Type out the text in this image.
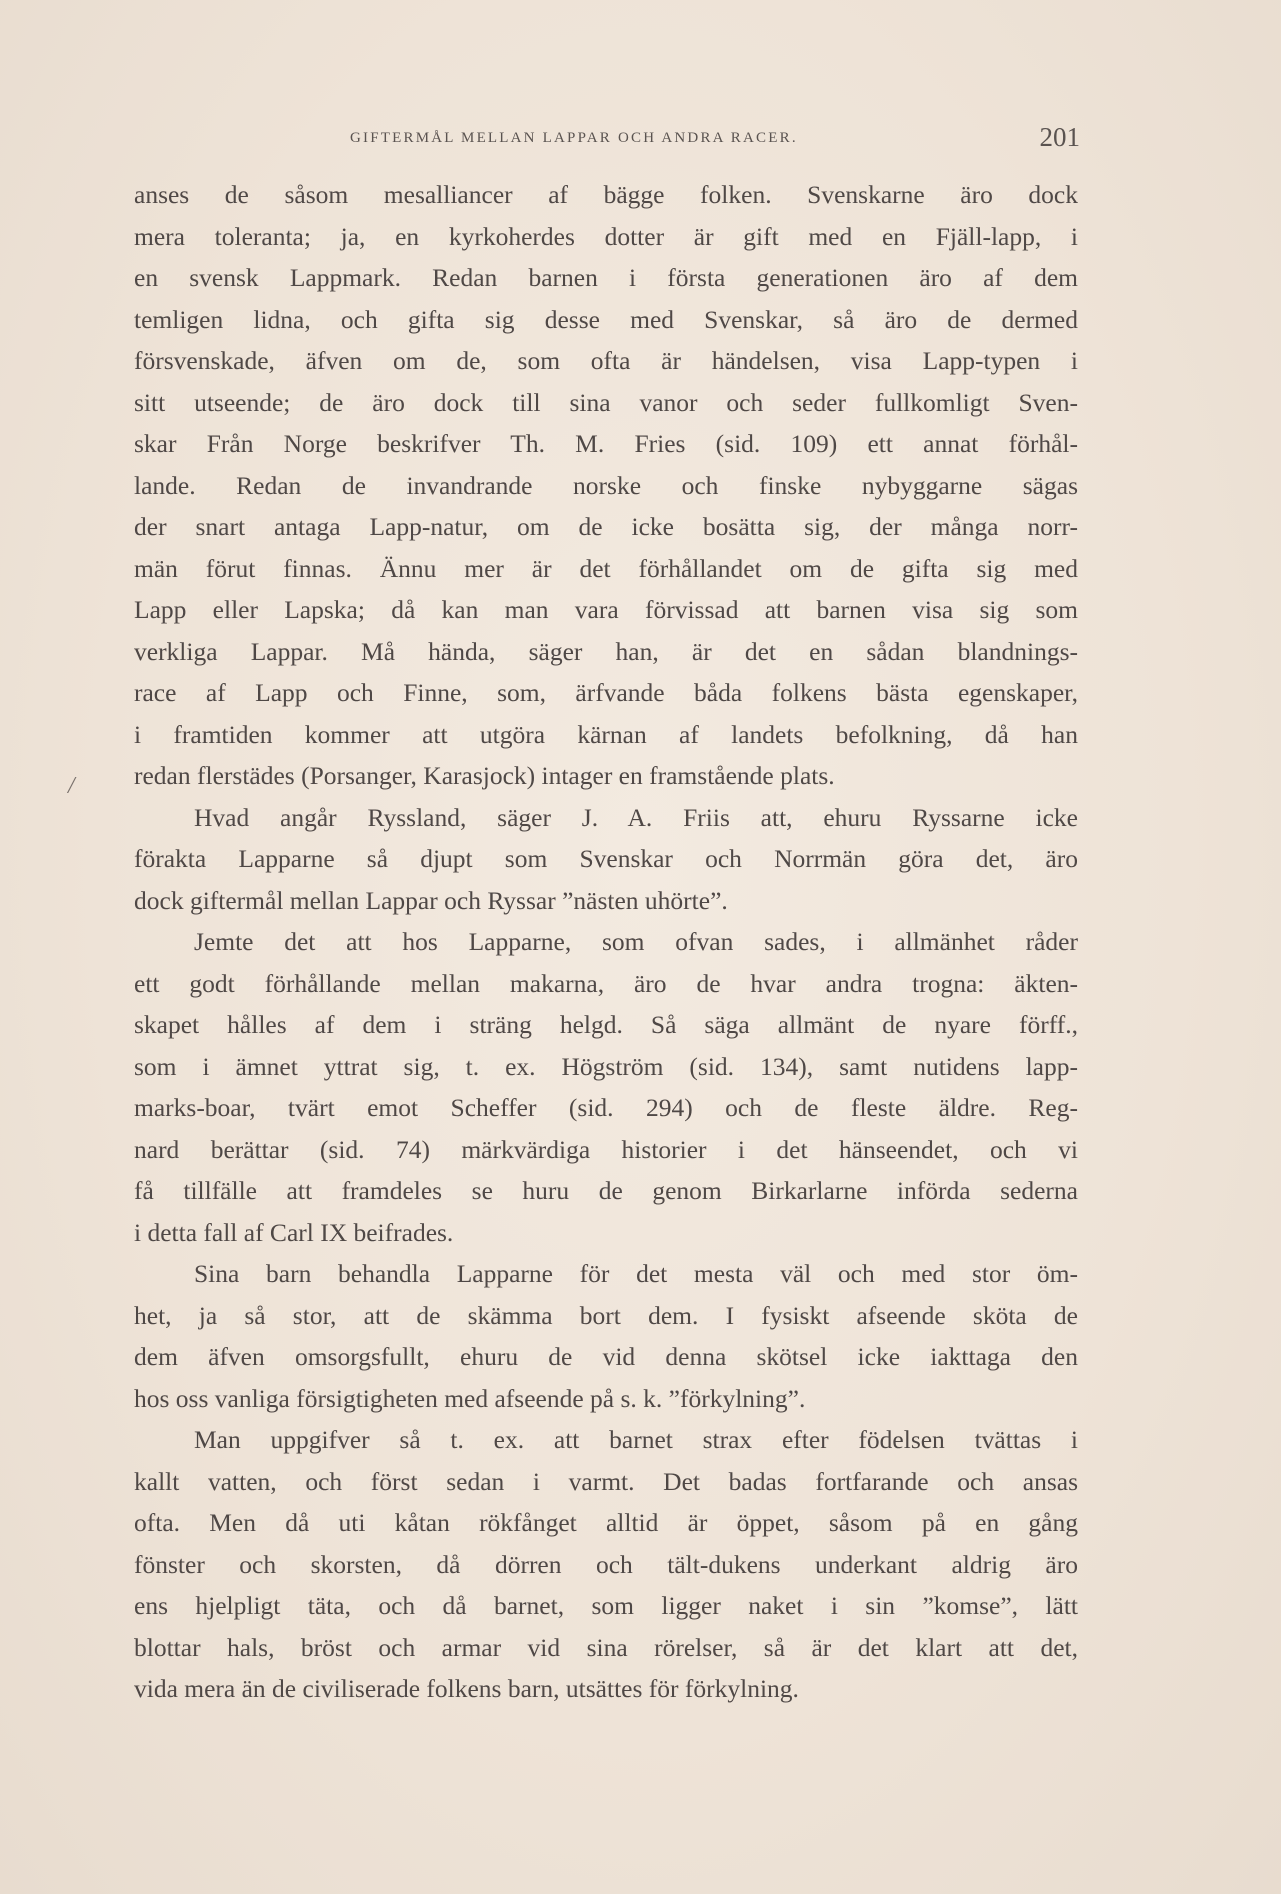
GIFTERMÅL MELLAN LAPPAR OCH ANDRA RACER.	201
/
anses de såsom mesalliancer af bägge folken. Svenskarne äro dock
mera toleranta; ja, en kyrkoherdes dotter är gift med en Fjäll-lapp, i
en svensk Lappmark. Redan barnen i första generationen äro af dem
temligen lidna, och gifta sig desse med Svenskar, så äro de dermed
försvenskade, äfven om de, som ofta är händelsen, visa Lapp-typen i
sitt utseende; de äro dock till sina vanor och seder fullkomligt Sven-
skar Från Norge beskrifver Th. M. Fries (sid. 109) ett annat förhål-
lande. Redan de invandrande norske och finske nybyggarne sägas
der snart antaga Lapp-natur, om de icke bosätta sig, der många norr-
män förut finnas. Ännu mer är det förhållandet om de gifta sig med
Lapp eller Lapska; då kan man vara förvissad att barnen visa sig som
verkliga Lappar. Må hända, säger han, är det en sådan blandnings-
race af Lapp och Finne, som, ärfvande båda folkens bästa egenskaper,
i framtiden kommer att utgöra kärnan af landets befolkning, då han
redan flerstädes (Porsanger, Karasjock) intager en framstående plats.
Hvad angår Ryssland, säger J. A. Friis att, ehuru Ryssarne icke
förakta Lapparne så djupt som Svenskar och Norrmän göra det, äro
dock giftermål mellan Lappar och Ryssar ”nästen uhörte”.
Jemte det att hos Lapparne, som ofvan sades, i allmänhet råder
ett godt förhållande mellan makarna, äro de hvar andra trogna: äkten-
skapet hålles af dem i sträng helgd. Så säga allmänt de nyare förff.,
som i ämnet yttrat sig, t. ex. Högström (sid. 134), samt nutidens lapp-
marks-boar, tvärt emot Scheffer (sid. 294) och de fleste äldre. Reg-
nard berättar (sid. 74) märkvärdiga historier i det hänseendet, och vi
få tillfälle att framdeles se huru de genom Birkarlarne införda sederna
i detta fall af Carl IX beifrades.
Sina barn behandla Lapparne för det mesta väl och med stor öm-
het, ja så stor, att de skämma bort dem. I fysiskt afseende sköta de
dem äfven omsorgsfullt, ehuru de vid denna skötsel icke iakttaga den
hos oss vanliga försigtigheten med afseende på s. k. ”förkylning”.
Man uppgifver så t. ex. att barnet strax efter födelsen tvättas i
kallt vatten, och först sedan i varmt. Det badas fortfarande och ansas
ofta. Men då uti kåtan rökfånget alltid är öppet, såsom på en gång
fönster och skorsten, då dörren och tält-dukens underkant aldrig äro
ens hjelpligt täta, och då barnet, som ligger naket i sin ”komse”, lätt
blottar hals, bröst och armar vid sina rörelser, så är det klart att det,
vida mera än de civiliserade folkens barn, utsättes för förkylning.
